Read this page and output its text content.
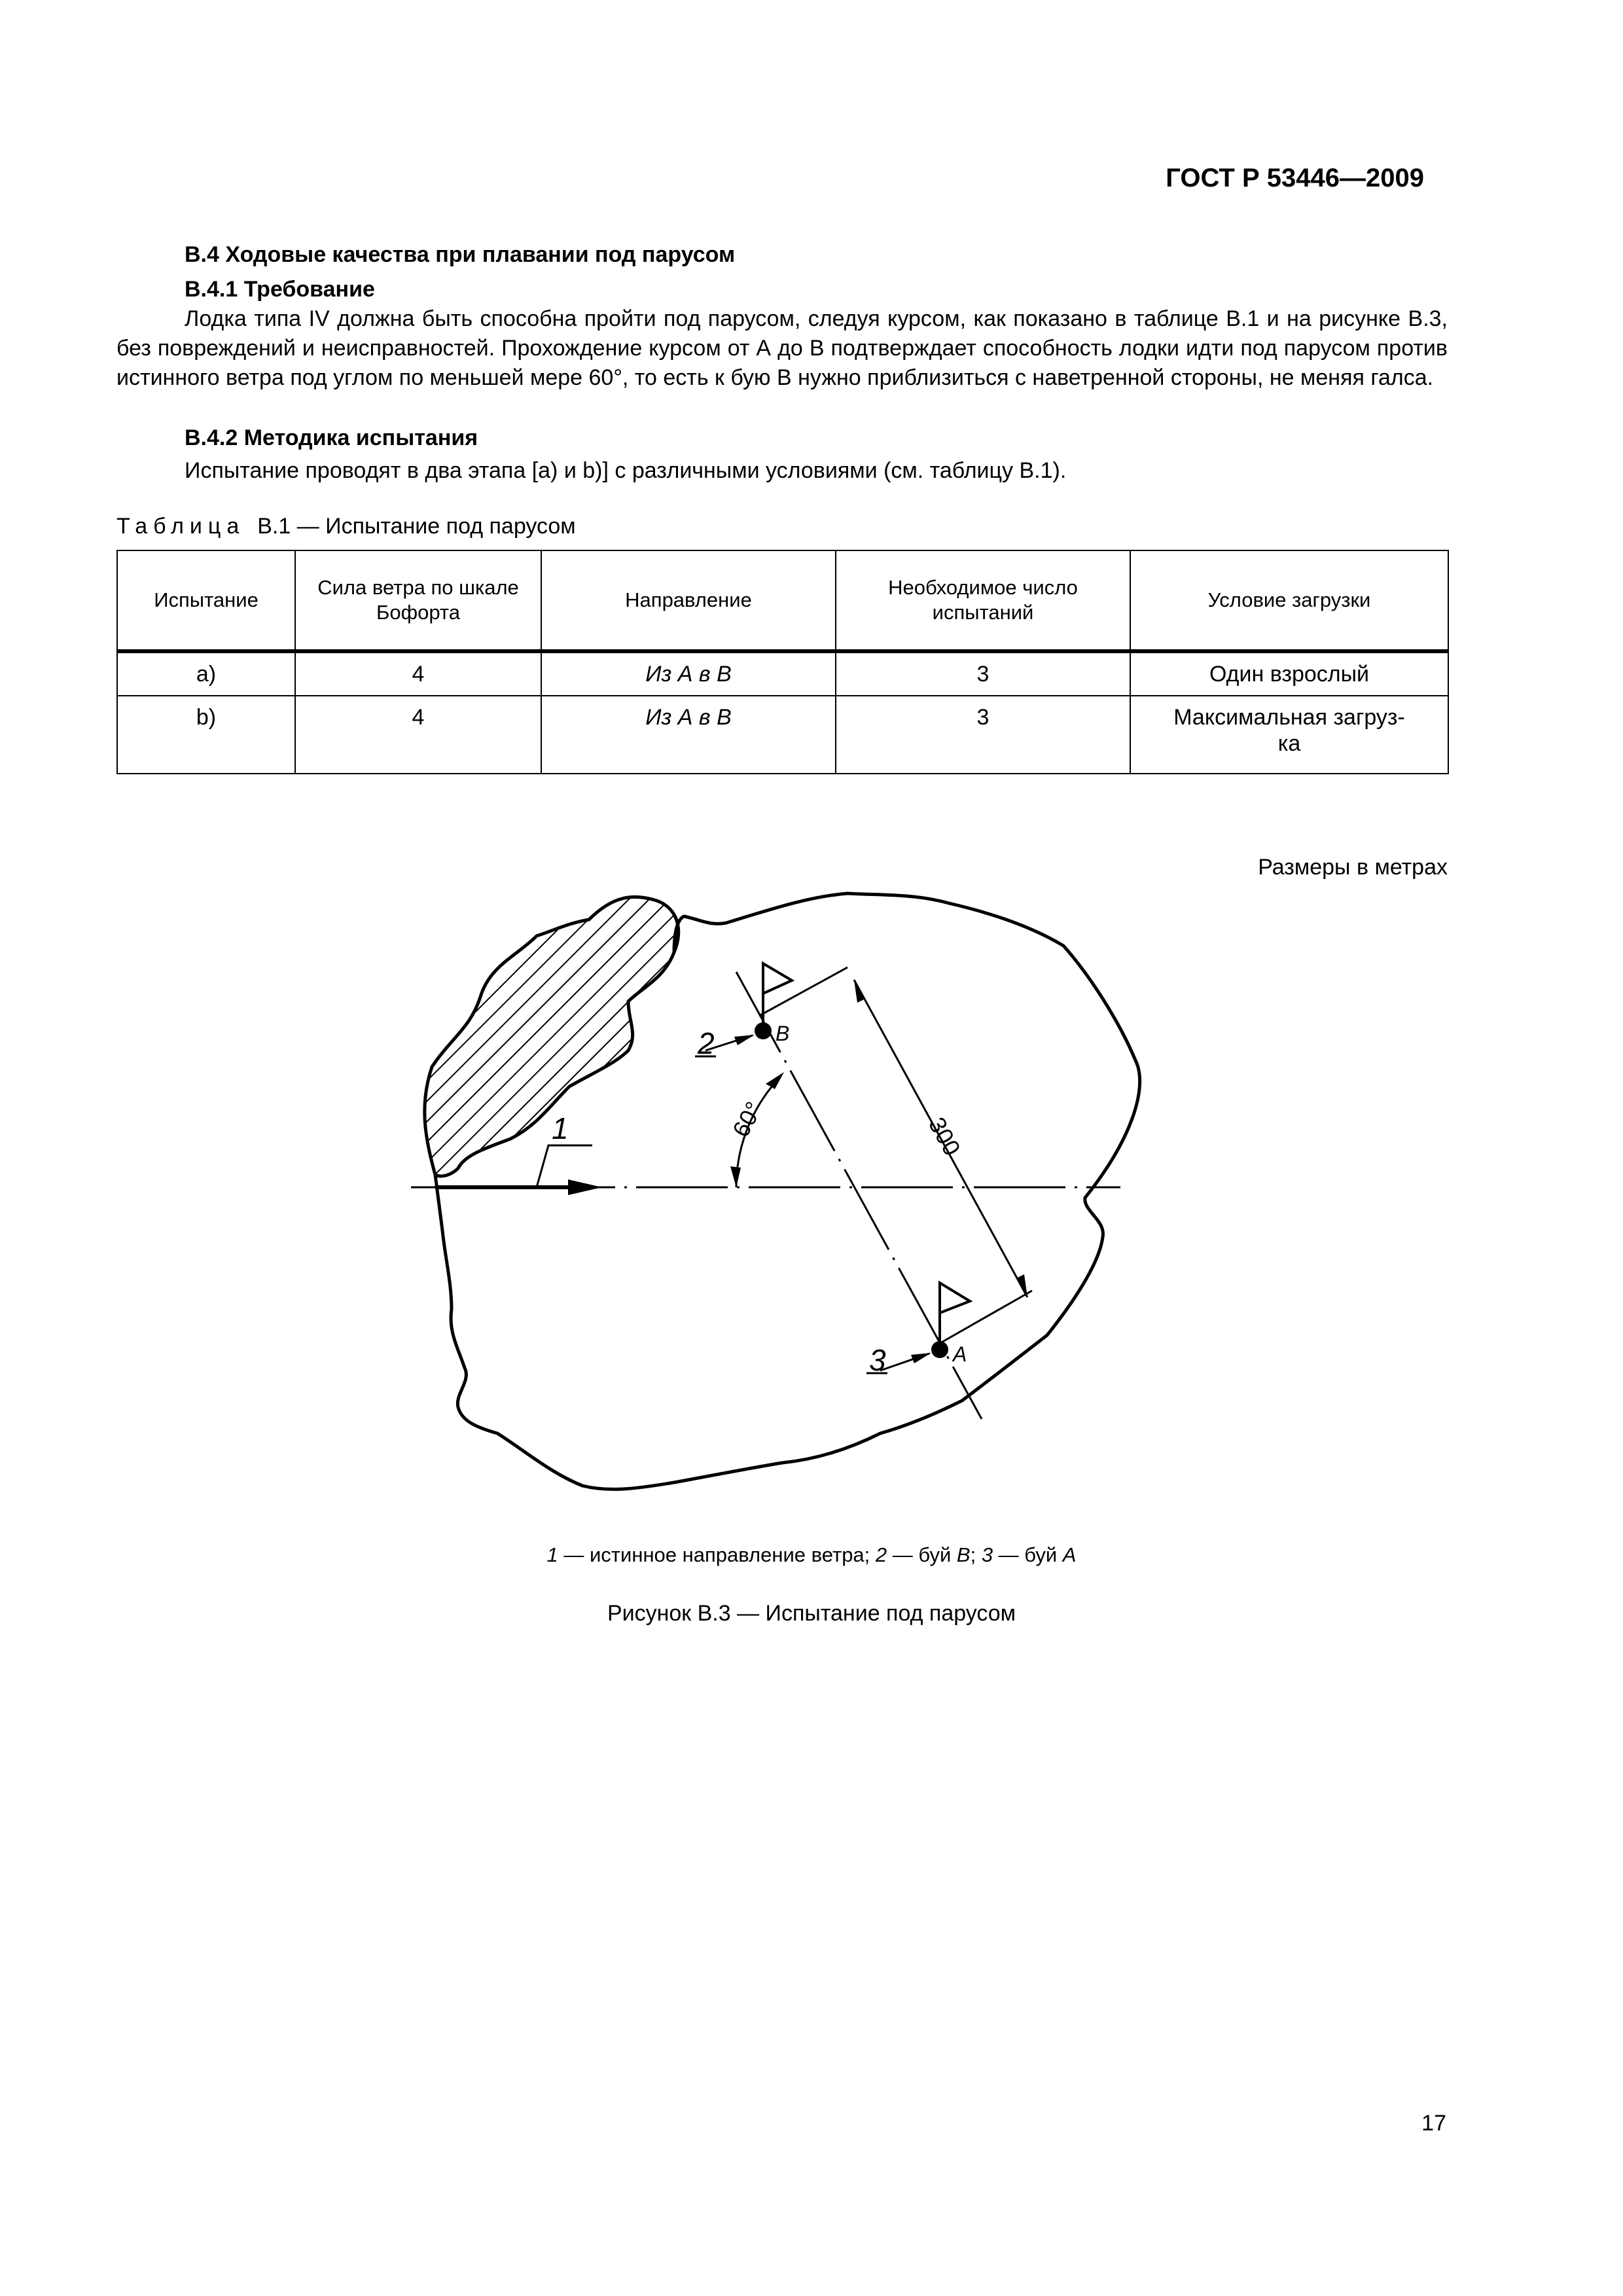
ГОСТ Р 53446—2009
В.4 Ходовые качества при плавании под парусом
В.4.1 Требование
Лодка типа IV должна быть способна пройти под парусом, следуя курсом, как показано в таблице В.1 и на рисунке В.3, без повреждений и неисправностей. Прохождение курсом от А до В подтверждает способность лодки идти под парусом против истинного ветра под углом по меньшей мере 60°, то есть к бую В нужно приблизиться с наветренной стороны, не меняя галса.
В.4.2 Методика испытания
Испытание проводят в два этапа [a) и b)] с различными условиями (см. таблицу В.1).
Таблица В.1 — Испытание под парусом
Испытание	Сила ветра по шкале Бофорта	Направление	Необходимое число испытаний	Условие загрузки
a)	4	Из А в В	3	Один взрослый
b)	4	Из А в В	3	Максимальная загруз-
ка
Размеры в метрах
1	300
60°
B
2
A
3
1 — истинное направление ветра; 2 — буй В; 3 — буй А
Рисунок В.3 — Испытание под парусом
17
